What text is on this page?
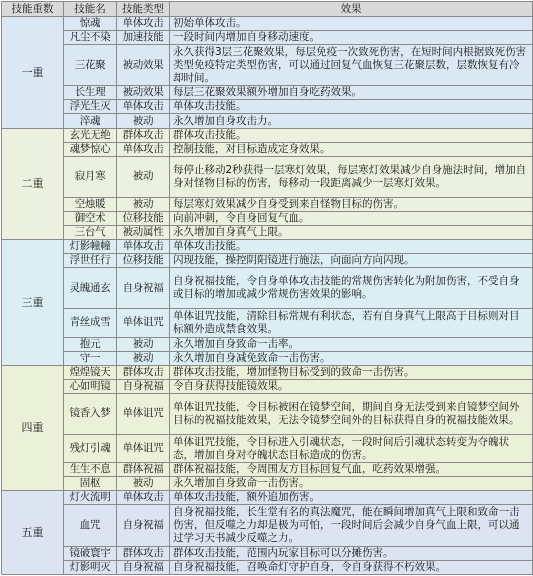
技能重数	技能名	技能类型	效果
一重	惊魂	单体攻击	初始单体攻击。
	凡尘不染	加速技能	一段时间内增加自身移动速度。
	三花聚	被动效果	永久获得3层三花聚效果，每层免疫一次致死伤害，在短时间内根据致死伤害类型免疫特定类型伤害，可以通过回复气血恢复三花聚层数，层数恢复有冷却时间。
	长生理	被动效果	每层三花聚效果额外增加自身吃药效果。
	浮光生灭	单体攻击	单体攻击技能。
	淬魂	被动	永久增加自身攻击力。
二重	玄光无绝	群体攻击	群体攻击技能。
	魂梦惊心	单体攻击	控制技能，对目标造成定身效果。
	寂月寒	被动	每停止移动2秒获得一层寒灯效果，每层寒灯效果减少自身施法时间，增加自身对怪物目标的伤害，每移动一段距离减少一层寒灯效果。
	空烛暖	被动	每层寒灯效果减少自身受到来自怪物目标的伤害。
	御空术	位移技能	向前冲刺，令自身回复气血。
	三台气	被动属性	永久增加自身真气上限。
三重	灯影幢幢	单体攻击	单体攻击技能。
	浮世任行	位移技能	闪现技能，操控阴阳镜进行施法，向面向方向闪现。
	灵魄通玄	自身祝福	自身祝福技能，令自身单体攻击技能的常规伤害转化为附加伤害，不受自身或目标的增加或减少常规伤害效果的影响。
	青丝成雪	单体诅咒	单体诅咒技能，清除目标常规有利状态，若有自身真气上限高于目标则对目标额外造成禁食效果。
	抱元	被动	永久增加自身致命一击率。
	守一	被动	永久增加自身减免致命一击伤害。
四重	煌煌镜天	群体攻击	群体攻击技能，增加怪物目标受到的致命一击伤害。
	心如明镜	自身祝福	令自身获得技能镜效果。
	镜香入梦	单体诅咒	单体诅咒技能，令目标被困在镜梦空间，期间自身无法受到来自镜梦空间外目标的祝福技能效果，无法令镜梦空间外的目标获得自身的祝福技能效果。
	残灯引魂	单体诅咒	单体诅咒技能，令目标进入引魂状态，一段时间后引魂状态转变为夺魄状态，增加自身对夺魄状态目标造成的伤害。
	生生不息	群体祝福	群体祝福技能，令周围友方目标回复气血，吃药效果增强。
	固枢	被动	永久增加自身致命一击伤害。
五重	灯火流明	单体攻击	单体攻击技能，额外追加伤害。
	血咒	自身祝福	自身祝福技能，长生堂有名的真法魔咒，能在瞬间增加真气上限和致命一击伤害，但反噬之力却是极为可怕，一段时间后会减少自身气血上限，可以通过学习天书减少反噬之力。
	镜破寰宇	群体攻击	群体攻击技能，范围内玩家目标可以分摊伤害。
	灯影明灭	自身祝福	自身祝福技能，召唤命灯守护自身，令自身获得不朽效果。
